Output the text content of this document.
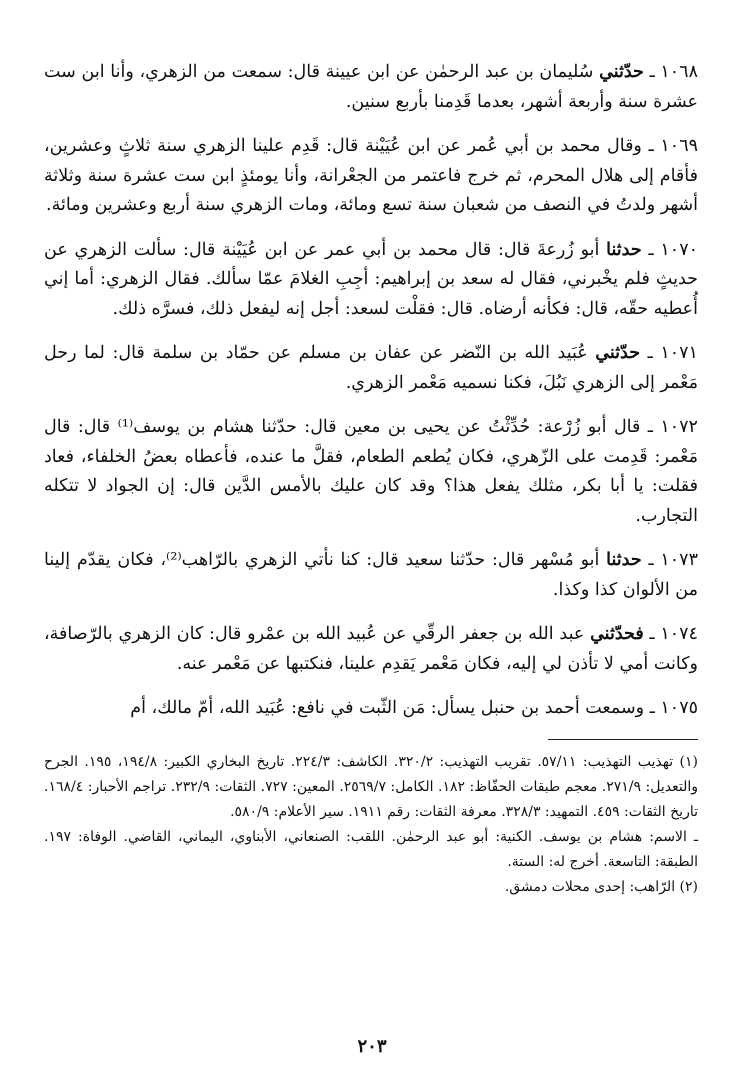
١٠٦٨ ـ حدّثني سُليمان بن عبد الرحمٰن عن ابن عيينة قال: سمعت من الزهري، وأنا ابن ست عشرة سنة وأربعة أشهر، بعدما قَدِمنا بأربع سنين.

١٠٦٩ ـ وقال محمد بن أبي عُمر عن ابن عُيَيْنة قال: قَدِم علينا الزهري سنة ثلاثٍ وعشرين، فأقام إلى هلال المحرم، ثم خرج فاعتمر من الجعْرانة، وأنا يومئذٍ ابن ست عشرة سنة وثلاثة أشهر ولدتُ في النصف من شعبان سنة تسع ومائة، ومات الزهري سنة أربع وعشرين ومائة.

١٠٧٠ ـ حدثنا أبو زُرعةَ قال: قال محمد بن أبي عمر عن ابن عُيَيْنة قال: سألت الزهري عن حديثٍ فلم يخْبرني، فقال له سعد بن إبراهيم: أجِبِ الغلامَ عمّا سألك. فقال الزهري: أما إني أُعطيه حقّه، قال: فكأنه أرضاه. قال: فقلْت لسعد: أجل إنه ليفعل ذلك، فسرَّه ذلك.

١٠٧١ ـ حدّثني عُبَيد الله بن النّضر عن عفان بن مسلم عن حمّاد بن سلمة قال: لما رحل مَعْمر إلى الزهري نَبُلَ، فكنا نسميه مَعْمر الزهري.

١٠٧٢ ـ قال أبو زُرْعة: حُدِّثْتُ عن يحيى بن معين قال: حدّثنا هشام بن يوسف⁽¹⁾ قال: قال مَعْمر: قَدِمت على الزّهري، فكان يُطعم الطعام، فقلَّ ما عنده، فأعطاه بعضُ الخلفاء، فعاد فقلت: يا أبا بكر، مثلك يفعل هذا؟ وقد كان عليك بالأمس الدَّين قال: إن الجواد لا تتكله التجارب.

١٠٧٣ ـ حدثنا أبو مُسْهر قال: حدّثنا سعيد قال: كنا نأتي الزهري بالرّاهب⁽²⁾، فكان يقدّم إلينا من الألوان كذا وكذا.

١٠٧٤ ـ فحدّثني عبد الله بن جعفر الرقّي عن عُبيد الله بن عمْرو قال: كان الزهري بالرّصافة، وكانت أمي لا تأذن لي إليه، فكان مَعْمر يَقدِم علينا، فنكتبها عن مَعْمر عنه.

١٠٧٥ ـ وسمعت أحمد بن حنبل يسأل: مَن الثّبت في نافع: عُبَيد الله، أمّ مالك، أم

(١) تهذيب التهذيب: ٥٧/١١. تقريب التهذيب: ٣٢٠/٢. الكاشف: ٢٢٤/٣. تاريخ البخاري الكبير: ١٩٤/٨، ١٩٥. الجرح والتعديل: ٢٧١/٩. معجم طبقات الحفّاظ: ١٨٢. الكامل: ٢٥٦٩/٧. المعين: ٧٢٧. الثقات: ٢٣٢/٩. تراجم الأحبار: ١٦٨/٤. تاريخ الثقات: ٤٥٩. التمهيد: ٣٢٨/٣. معرفة الثقات: رقم ١٩١١. سير الأعلام: ٥٨٠/٩.

ـ الاسم: هشام بن يوسف. الكنية: أبو عبد الرحمٰن. اللقب: الصنعاني، الأبناوي، اليماني، القاضي. الوفاة: ١٩٧. الطبقة: التاسعة. أخرج له: الستة.

(٢) الرّاهب: إحدى محلات دمشق.

٢٠٣
